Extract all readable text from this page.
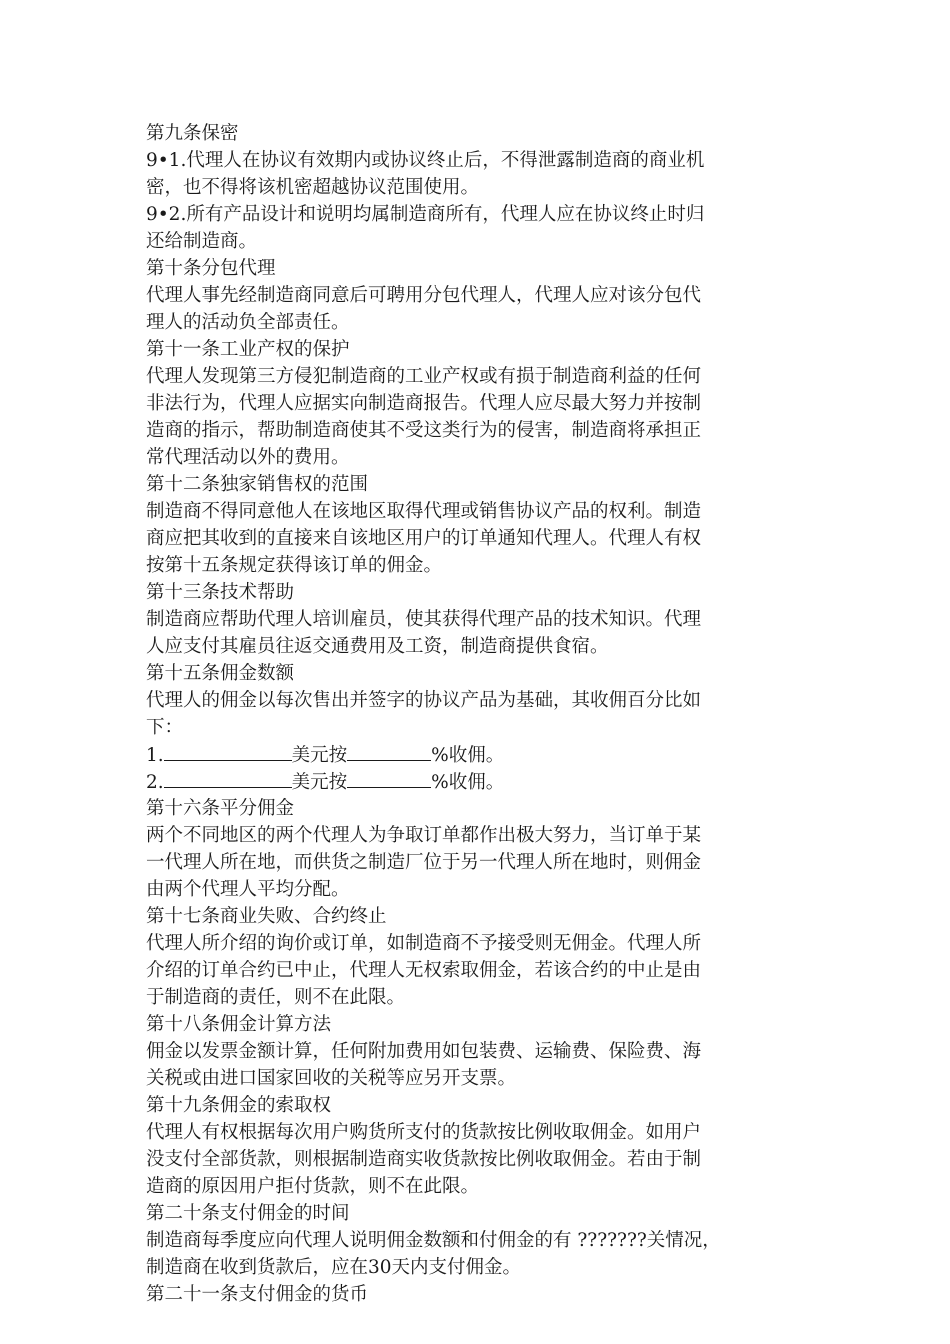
第九条保密
9•1.代理人在协议有效期内或协议终止后，不得泄露制造商的商业机
密，也不得将该机密超越协议范围使用。
9•2.所有产品设计和说明均属制造商所有，代理人应在协议终止时归
还给制造商。
第十条分包代理
代理人事先经制造商同意后可聘用分包代理人，代理人应对该分包代
理人的活动负全部责任。
第十一条工业产权的保护
代理人发现第三方侵犯制造商的工业产权或有损于制造商利益的任何
非法行为，代理人应据实向制造商报告。代理人应尽最大努力并按制
造商的指示，帮助制造商使其不受这类行为的侵害，制造商将承担正
常代理活动以外的费用。
第十二条独家销售权的范围
制造商不得同意他人在该地区取得代理或销售协议产品的权利。制造
商应把其收到的直接来自该地区用户的订单通知代理人。代理人有权
按第十五条规定获得该订单的佣金。
第十三条技术帮助
制造商应帮助代理人培训雇员，使其获得代理产品的技术知识。代理
人应支付其雇员往返交通费用及工资，制造商提供食宿。
第十五条佣金数额
代理人的佣金以每次售出并签字的协议产品为基础，其收佣百分比如
下：
1.	美元按	%收佣。
2.	美元按	%收佣。
第十六条平分佣金
两个不同地区的两个代理人为争取订单都作出极大努力，当订单于某
一代理人所在地，而供货之制造厂位于另一代理人所在地时，则佣金
由两个代理人平均分配。
第十七条商业失败、合约终止
代理人所介绍的询价或订单，如制造商不予接受则无佣金。代理人所
介绍的订单合约已中止，代理人无权索取佣金，若该合约的中止是由
于制造商的责任，则不在此限。
第十八条佣金计算方法
佣金以发票金额计算，任何附加费用如包装费、运输费、保险费、海
关税或由进口国家回收的关税等应另开支票。
第十九条佣金的索取权
代理人有权根据每次用户购货所支付的货款按比例收取佣金。如用户
没支付全部货款，则根据制造商实收货款按比例收取佣金。若由于制
造商的原因用户拒付货款，则不在此限。
第二十条支付佣金的时间
制造商每季度应向代理人说明佣金数额和付佣金的有 ???????关情况，
制造商在收到货款后，应在30天内支付佣金。
第二十一条支付佣金的货币
